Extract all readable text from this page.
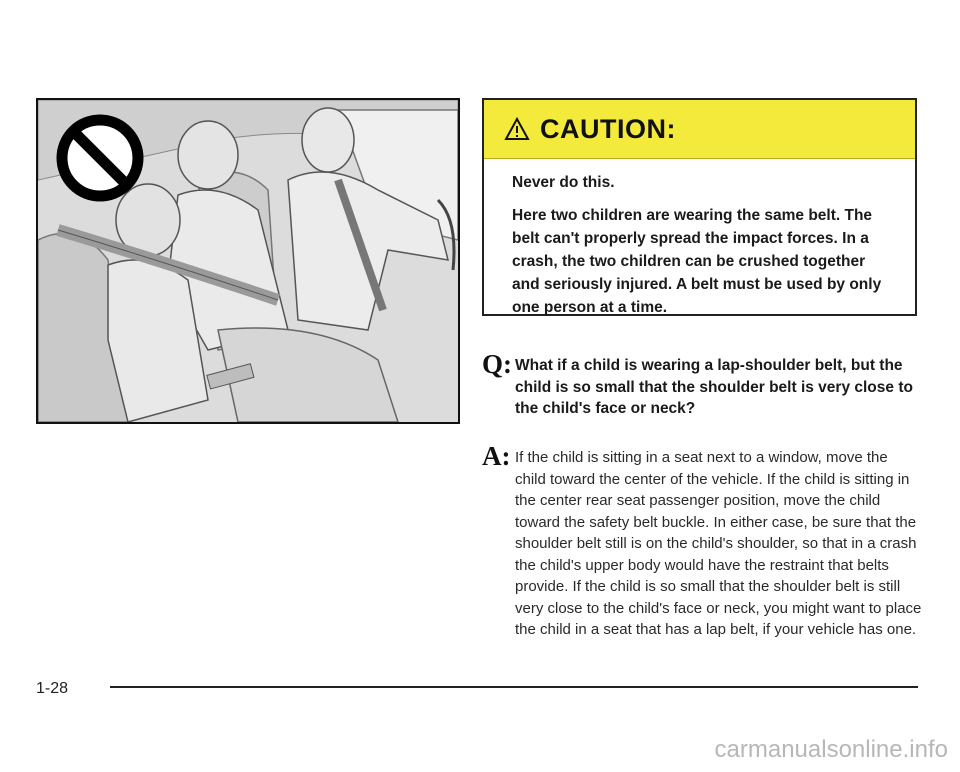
CAUTION:

Never do this.

Here two children are wearing the same belt. The belt can't properly spread the impact forces. In a crash, the two children can be crushed together and seriously injured. A belt must be used by only one person at a time.

Q: What if a child is wearing a lap-shoulder belt, but the child is so small that the shoulder belt is very close to the child's face or neck?
A: If the child is sitting in a seat next to a window, move the child toward the center of the vehicle. If the child is sitting in the center rear seat passenger position, move the child toward the safety belt buckle. In either case, be sure that the shoulder belt still is on the child's shoulder, so that in a crash the child's upper body would have the restraint that belts provide. If the child is so small that the shoulder belt is still very close to the child's face or neck, you might want to place the child in a seat that has a lap belt, if your vehicle has one.
1-28
carmanualsonline.info
